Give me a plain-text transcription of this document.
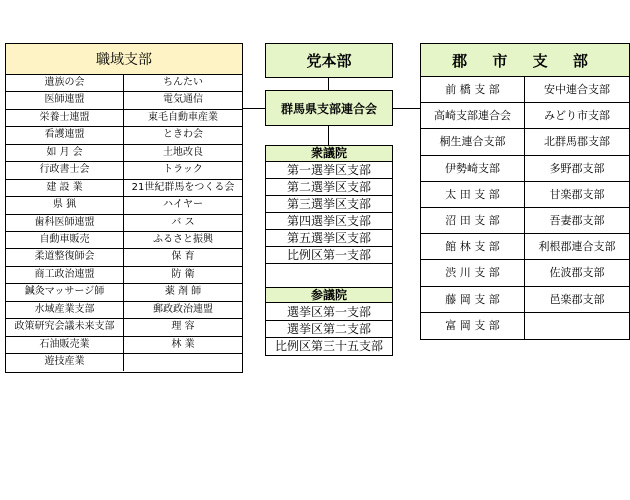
職域支部
遺族の会	ちんたい
医師連盟	電気通信
栄養士連盟	東毛自動車産業
看護連盟	ときわ会
如 月 会	土地改良
行政書士会	トラック
建 設 業	21世紀群馬をつくる会
県 猟	ハイヤー
歯科医師連盟	バ ス
自動車販売	ふるさと振興
柔道整復師会	保 育
商工政治連盟	防 衛
鍼灸マッサージ師	薬 剤 師
水域産業支部	郵政政治連盟
政策研究会議未来支部	理 容
石油販売業	林 業
遊技産業
党本部
群馬県支部連合会
衆議院
第一選挙区支部
第二選挙区支部
第三選挙区支部
第四選挙区支部
第五選挙区支部
比例区第一支部
参議院
選挙区第一支部
選挙区第二支部
比例区第三十五支部
郡 市 支 部
前 橋 支 部	安中連合支部
高崎支部連合会	みどり市支部
桐生連合支部	北群馬郡支部
伊勢崎支部	多野郡支部
太 田 支 部	甘楽郡支部
沼 田 支 部	吾妻郡支部
館 林 支 部	利根郡連合支部
渋 川 支 部	佐波郡支部
藤 岡 支 部	邑楽郡支部
富 岡 支 部
